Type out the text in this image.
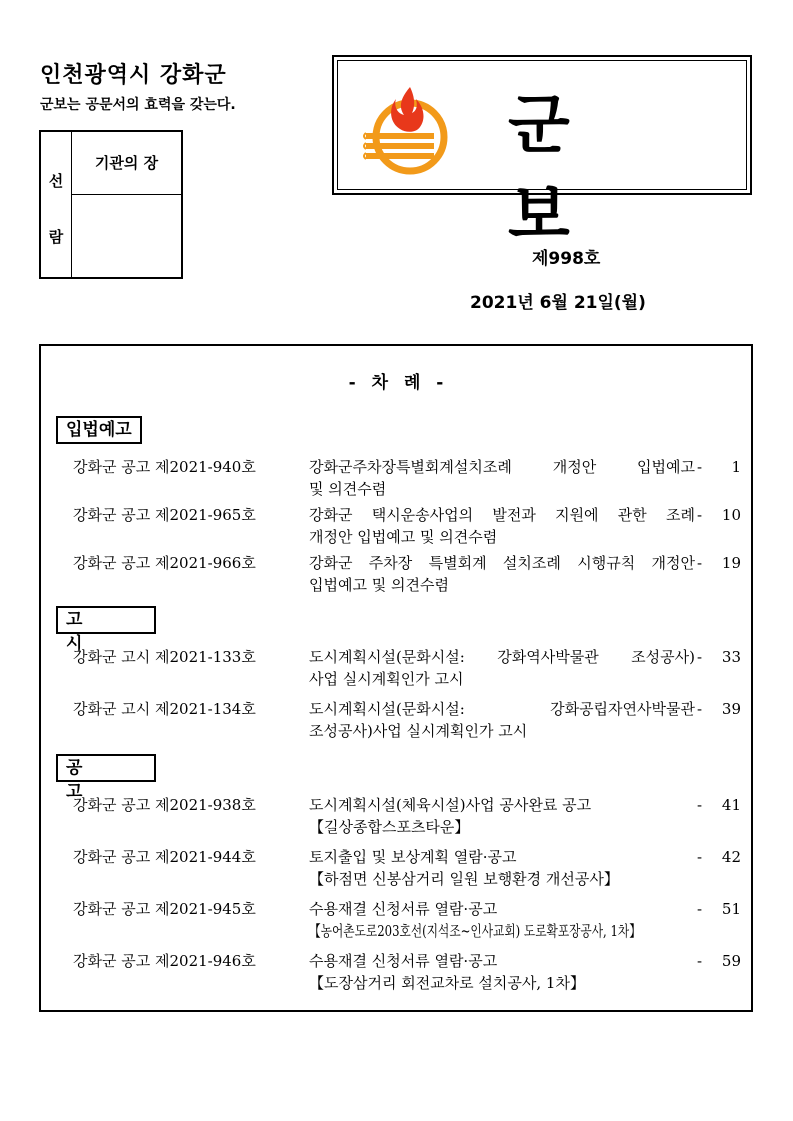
인천광역시 강화군
군보는 공문서의 효력을 갖는다.
선
람
기관의 장	군보
제998호
2021년 6월 21일(월)
- 차 례 -
입법예고
강화군 공고 제2021-940호	강화군주차장특별회계설치조례 개정안 입법예고
및 의견수렴
- 1
강화군 공고 제2021-965호	강화군 택시운송사업의 발전과 지원에 관한 조례
개정안 입법예고 및 의견수렴
- 10
강화군 공고 제2021-966호	강화군 주차장 특별회계 설치조례 시행규칙 개정안
입법예고 및 의견수렴
- 19
고 시
강화군 고시 제2021-133호	도시계획시설(문화시설: 강화역사박물관 조성공사)
사업 실시계획인가 고시
- 33
강화군 고시 제2021-134호	도시계획시설(문화시설: 강화공립자연사박물관
조성공사)사업 실시계획인가 고시
- 39
공 고
강화군 공고 제2021-938호	도시계획시설(체육시설)사업 공사완료 공고
【길상종합스포츠타운】
- 41
강화군 공고 제2021-944호	토지출입 및 보상계획 열람·공고
【하점면 신봉삼거리 일원 보행환경 개선공사】
- 42
강화군 공고 제2021-945호	수용재결 신청서류 열람·공고
【농어촌도로203호선(지석조~인사교회) 도로확포장공사, 1차】
- 51
강화군 공고 제2021-946호	수용재결 신청서류 열람·공고
【도장삼거리 회전교차로 설치공사, 1차】
- 59
